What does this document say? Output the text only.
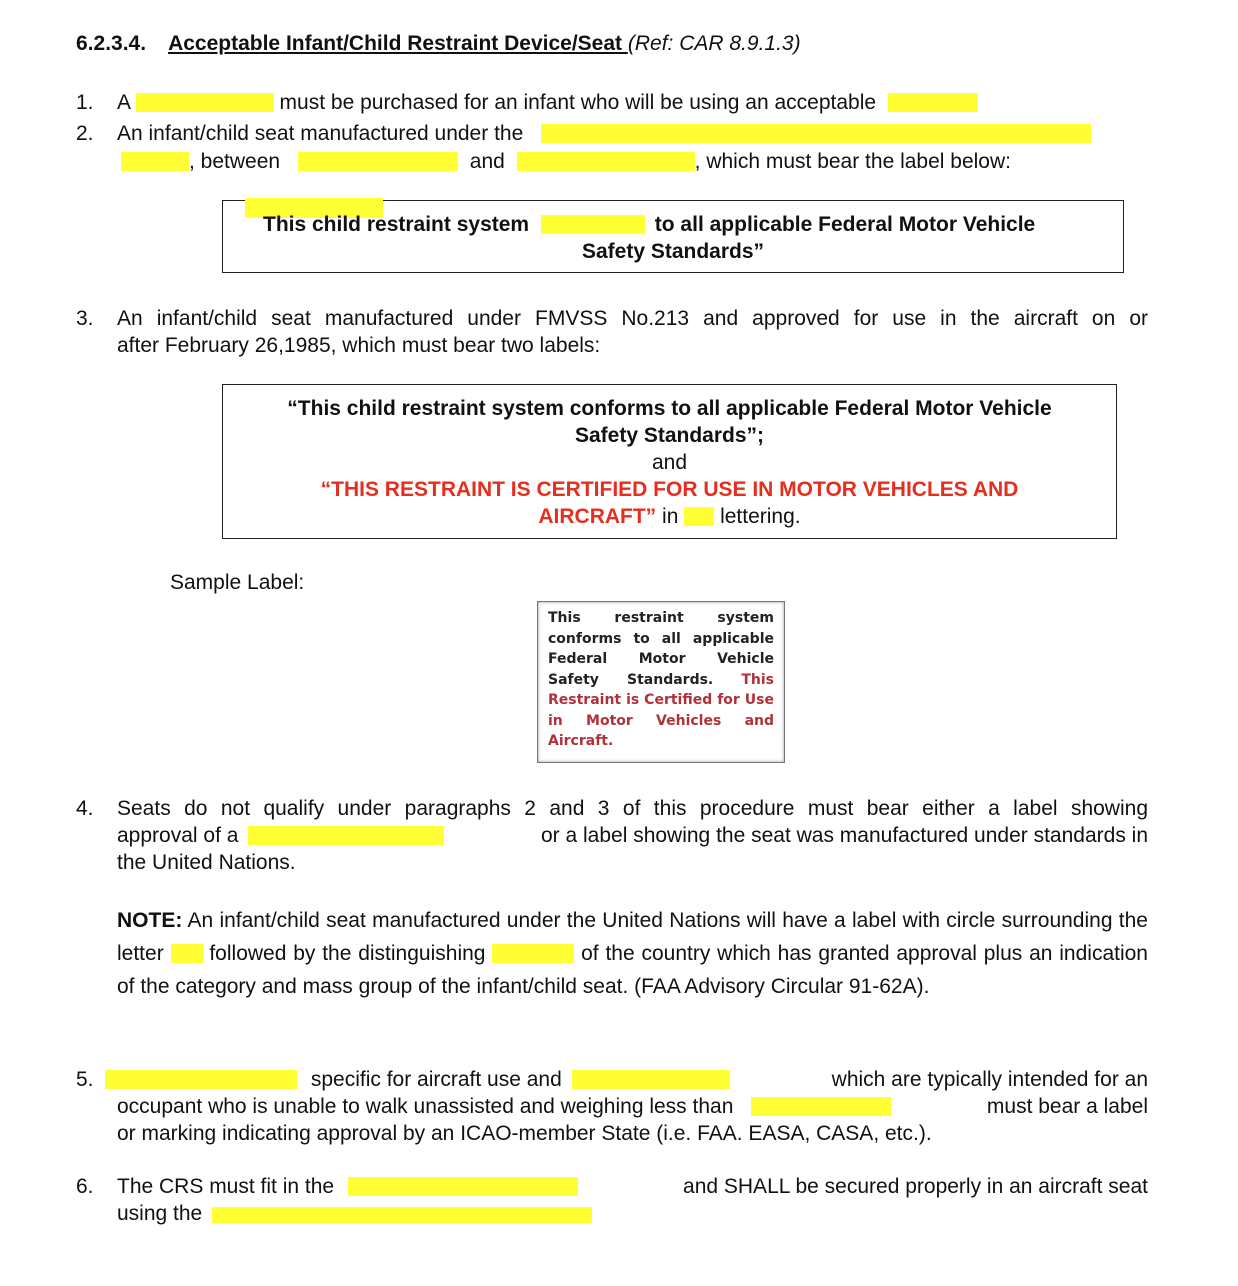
6.2.3.4. Acceptable Infant/Child Restraint Device/Seat (Ref: CAR 8.9.1.3)
1. A	must be purchased for an infant who will be using an acceptable
2. An infant/child seat manufactured under the
, between	and	, which must bear the label below:
This child restraint system	to all applicable Federal Motor Vehicle
Safety Standards”
3. An infant/child seat manufactured under FMVSS No.213 and approved for use in the aircraft on or
after February 26,1985, which must bear two labels:
“This child restraint system conforms to all applicable Federal Motor Vehicle
Safety Standards”;
and
“THIS RESTRAINT IS CERTIFIED FOR USE IN MOTOR VEHICLES AND
AIRCRAFT” in lettering.
Sample Label:
This restraint system conforms to all applicable Federal Motor Vehicle Safety Standards. This Restraint is Certified for Use in Motor Vehicles and Aircraft.
4. Seats do not qualify under paragraphs 2 and 3 of this procedure must bear either a label showing
approval of a	or a label showing the seat was manufactured under standards in
the United Nations.
NOTE: An infant/child seat manufactured under the United Nations will have a label with circle surrounding the letter followed by the distinguishing	of the country which has granted approval plus an indication of the category and mass group of the infant/child seat. (FAA Advisory Circular 91-62A).
5.	specific for aircraft use and	which are typically intended for an
occupant who is unable to walk unassisted and weighing less than	must bear a label
or marking indicating approval by an ICAO-member State (i.e. FAA. EASA, CASA, etc.).
6. The CRS must fit in the	and SHALL be secured properly in an aircraft seat
using the
